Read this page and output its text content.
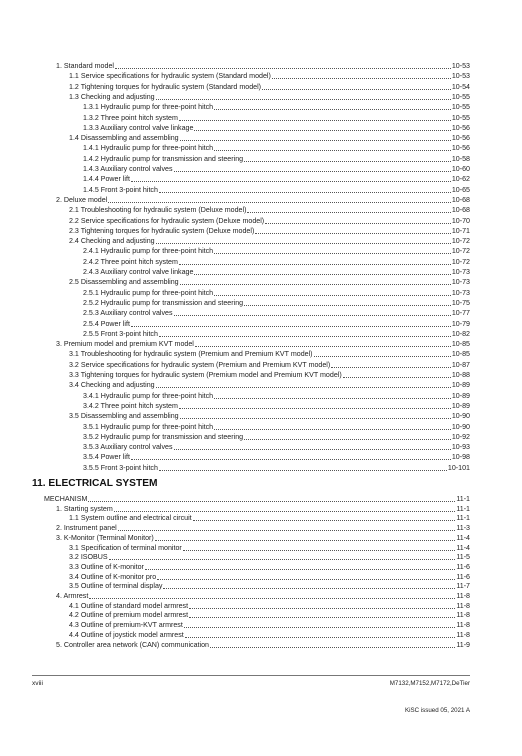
1. Standard model	10-53
1.1 Service specifications for hydraulic system (Standard model)	10-53
1.2 Tightening torques for hydraulic system (Standard model)	10-54
1.3 Checking and adjusting	10-55
1.3.1 Hydraulic pump for three-point hitch	10-55
1.3.2 Three point hitch system	10-55
1.3.3 Auxiliary control valve linkage	10-56
1.4 Disassembling and assembling	10-56
1.4.1 Hydraulic pump for three-point hitch	10-56
1.4.2 Hydraulic pump for transmission and steering	10-58
1.4.3 Auxiliary control valves	10-60
1.4.4 Power lift	10-62
1.4.5 Front 3-point hitch	10-65
2. Deluxe model	10-68
2.1 Troubleshooting for hydraulic system (Deluxe model)	10-68
2.2 Service specifications for hydraulic system (Deluxe model)	10-70
2.3 Tightening torques for hydraulic system (Deluxe model)	10-71
2.4 Checking and adjusting	10-72
2.4.1 Hydraulic pump for three-point hitch	10-72
2.4.2 Three point hitch system	10-72
2.4.3 Auxiliary control valve linkage	10-73
2.5 Disassembling and assembling	10-73
2.5.1 Hydraulic pump for three-point hitch	10-73
2.5.2 Hydraulic pump for transmission and steering	10-75
2.5.3 Auxiliary control valves	10-77
2.5.4 Power lift	10-79
2.5.5 Front 3-point hitch	10-82
3. Premium model and premium KVT model	10-85
3.1 Troubleshooting for hydraulic system (Premium and Premium KVT model)	10-85
3.2 Service specifications for hydraulic system (Premium and Premium KVT model)	10-87
3.3 Tightening torques for hydraulic system (Premium model and Premium KVT model)	10-88
3.4 Checking and adjusting	10-89
3.4.1 Hydraulic pump for three-point hitch	10-89
3.4.2 Three point hitch system	10-89
3.5 Disassembling and assembling	10-90
3.5.1 Hydraulic pump for three-point hitch	10-90
3.5.2 Hydraulic pump for transmission and steering	10-92
3.5.3 Auxiliary control valves	10-93
3.5.4 Power lift	10-98
3.5.5 Front 3-point hitch	10-101
MECHANISM	11-1
1. Starting system	11-1
1.1 System outline and electrical circuit	11-1
2. Instrument panel	11-3
3. K-Monitor (Terminal Monitor)	11-4
3.1 Specification of terminal monitor	11-4
3.2 ISOBUS	11-5
3.3 Outline of K-monitor	11-6
3.4 Outline of K-monitor pro	11-6
3.5 Outline of terminal display	11-7
4. Armrest	11-8
4.1 Outline of standard model armrest	11-8
4.2 Outline of premium model armrest	11-8
4.3 Outline of premium-KVT armrest	11-8
4.4 Outline of joystick model armrest	11-8
5. Controller area network (CAN) communication	11-9
11. ELECTRICAL SYSTEM
xviii	M7132,M7152,M7172,DeTier
KiSC issued 05, 2021 A
